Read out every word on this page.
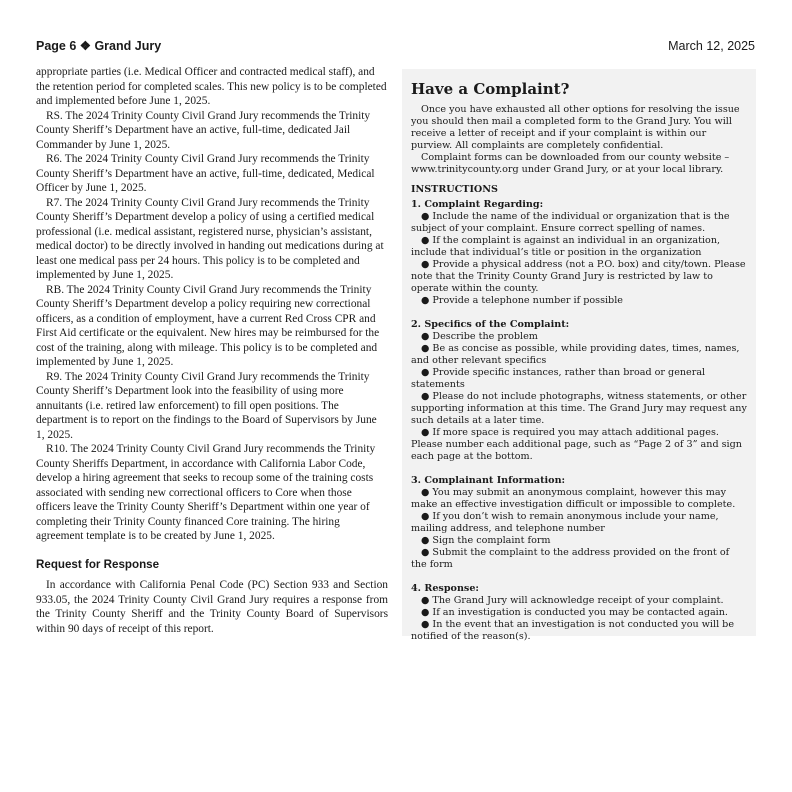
Page 6 ❖ Grand Jury	March 12, 2025

appropriate parties (i.e. Medical Officer and contracted medical staff), and the retention period for completed scales. This new policy is to be completed and implemented before June 1, 2025.

RS. The 2024 Trinity County Civil Grand Jury recommends the Trinity County Sheriff’s Department have an active, full-time, dedicated Jail Commander by June 1, 2025.

R6. The 2024 Trinity County Civil Grand Jury recommends the Trinity County Sheriff’s Department have an active, full-time, dedicated, Medical Officer by June 1, 2025.

R7. The 2024 Trinity County Civil Grand Jury recommends the Trinity County Sheriff’s Department develop a policy of using a certified medical professional (i.e. medical assistant, registered nurse, physician’s assistant, medical doctor) to be directly involved in handing out medications during at least one medical pass per 24 hours. This policy is to be completed and implemented by June 1, 2025.

RB. The 2024 Trinity County Civil Grand Jury recommends the Trinity County Sheriff’s Department develop a policy requiring new correctional officers, as a condition of employment, have a current Red Cross CPR and First Aid certificate or the equivalent. New hires may be reimbursed for the cost of the training, along with mileage. This policy is to be completed and implemented by June 1, 2025.

R9. The 2024 Trinity County Civil Grand Jury recommends the Trinity County Sheriff’s Department look into the feasibility of using more annuitants (i.e. retired law enforcement) to fill open positions. The department is to report on the findings to the Board of Supervisors by June 1, 2025.

R10. The 2024 Trinity County Civil Grand Jury recommends the Trinity County Sheriffs Department, in accordance with California Labor Code, develop a hiring agreement that seeks to recoup some of the training costs associated with sending new correctional officers to Core when those officers leave the Trinity County Sheriff’s Department within one year of completing their Trinity County financed Core training. The hiring agreement template is to be created by June 1, 2025.

Request for Response

In accordance with California Penal Code (PC) Section 933 and Section 933.05, the 2024 Trinity County Civil Grand Jury requires a response from the Trinity County Sheriff and the Trinity County Board of Supervisors within 90 days of receipt of this report.

Have a Complaint?

Once you have exhausted all other options for resolving the issue you should then mail a completed form to the Grand Jury. You will receive a letter of receipt and if your complaint is within our purview. All complaints are completely confidential.

Complaint forms can be downloaded from our county website – www.trinitycounty.org under Grand Jury, or at your local library.

INSTRUCTIONS

1. Complaint Regarding:

● Include the name of the individual or organization that is the subject of your complaint. Ensure correct spelling of names.

● If the complaint is against an individual in an organization, include that individual’s title or position in the organization

● Provide a physical address (not a P.O. box) and city/town. Please note that the Trinity County Grand Jury is restricted by law to operate within the county.

● Provide a telephone number if possible

2. Specifics of the Complaint:

● Describe the problem

● Be as concise as possible, while providing dates, times, names, and other relevant specifics

● Provide specific instances, rather than broad or general statements

● Please do not include photographs, witness statements, or other supporting information at this time. The Grand Jury may request any such details at a later time.

● If more space is required you may attach additional pages. Please number each additional page, such as “Page 2 of 3” and sign each page at the bottom.

3. Complainant Information:

● You may submit an anonymous complaint, however this may make an effective investigation difficult or impossible to complete.

● If you don’t wish to remain anonymous include your name, mailing address, and telephone number

● Sign the complaint form

● Submit the complaint to the address provided on the front of the form

4. Response:

● The Grand Jury will acknowledge receipt of your complaint.

● If an investigation is conducted you may be contacted again.

● In the event that an investigation is not conducted you will be notified of the reason(s).
